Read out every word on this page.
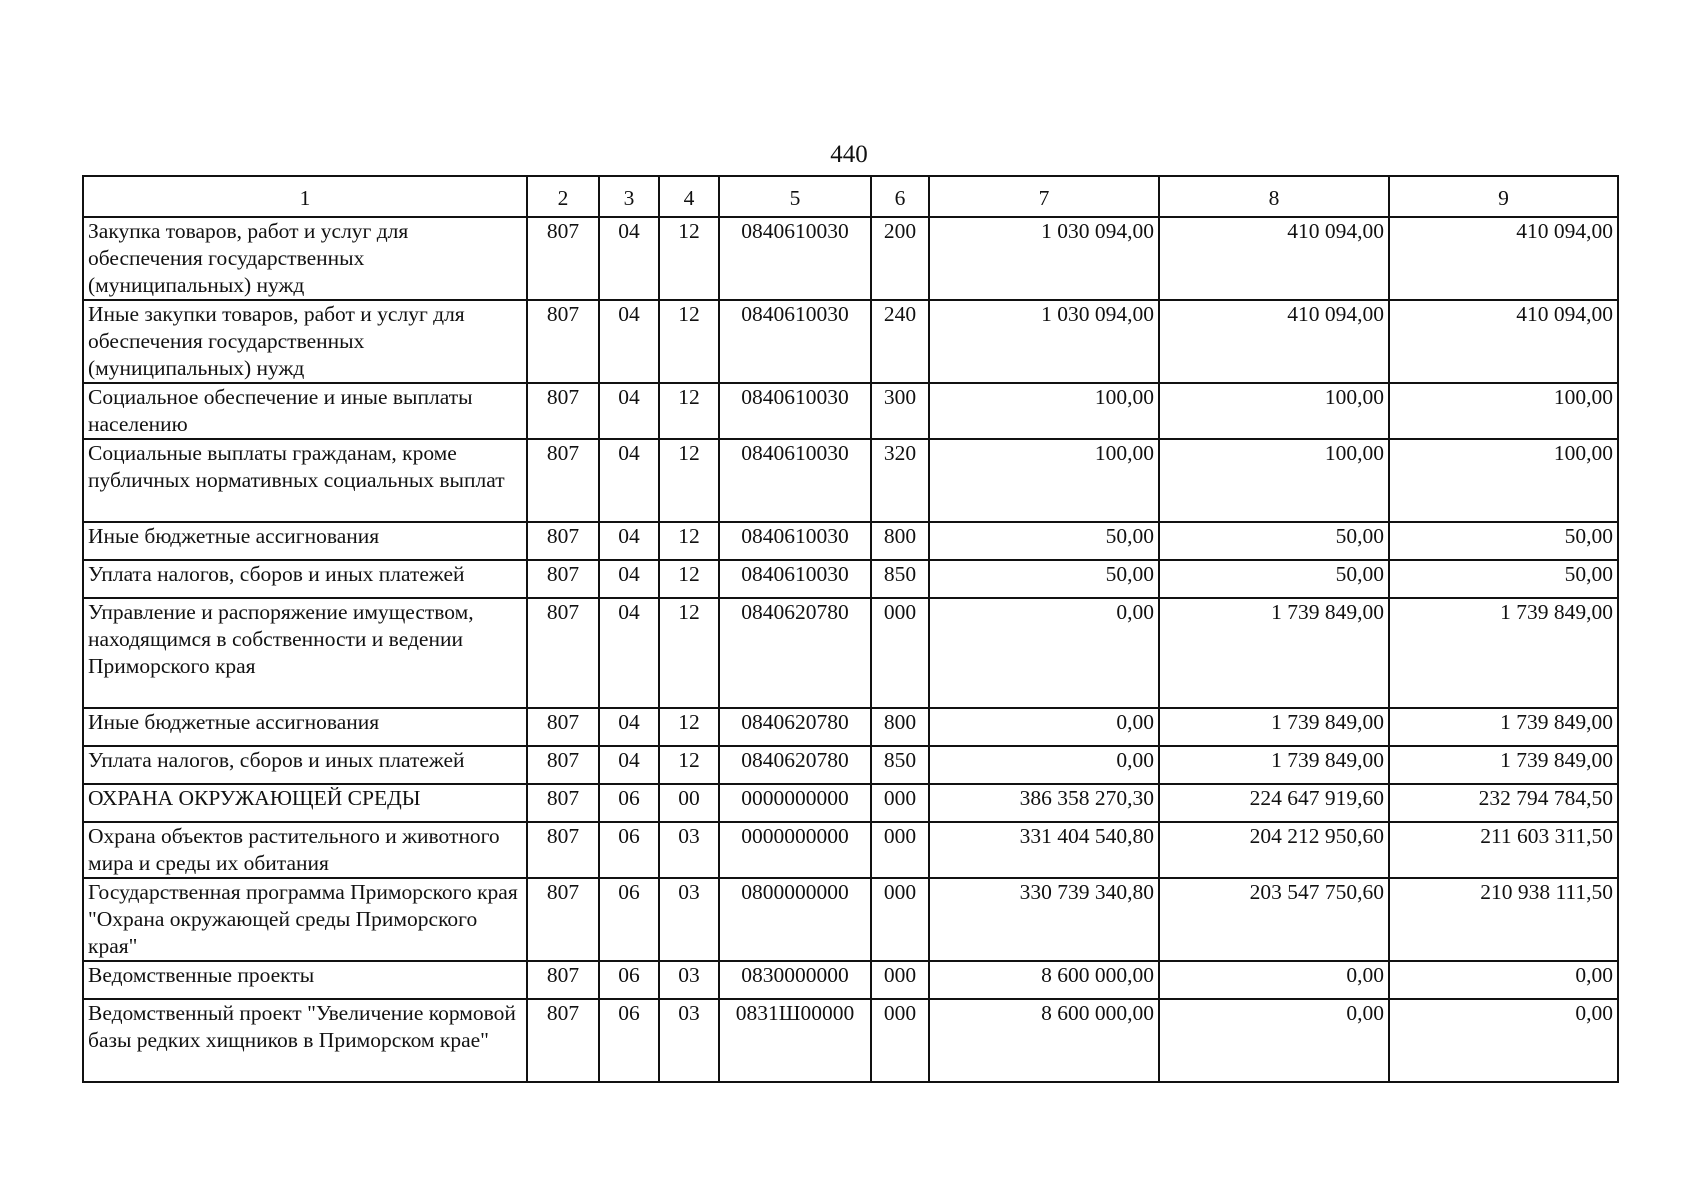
440
1	2	3	4	5	6	7	8	9
Закупка товаров, работ и услуг для обеспечения государственных (муниципальных) нужд	807	04	12	0840610030	200	1 030 094,00	410 094,00	410 094,00
Иные закупки товаров, работ и услуг для обеспечения государственных (муниципальных) нужд	807	04	12	0840610030	240	1 030 094,00	410 094,00	410 094,00
Социальное обеспечение и иные выплаты населению	807	04	12	0840610030	300	100,00	100,00	100,00
Социальные выплаты гражданам, кроме публичных нормативных социальных выплат	807	04	12	0840610030	320	100,00	100,00	100,00
Иные бюджетные ассигнования	807	04	12	0840610030	800	50,00	50,00	50,00
Уплата налогов, сборов и иных платежей	807	04	12	0840610030	850	50,00	50,00	50,00
Управление и распоряжение имуществом, находящимся в собственности и ведении Приморского края	807	04	12	0840620780	000	0,00	1 739 849,00	1 739 849,00
Иные бюджетные ассигнования	807	04	12	0840620780	800	0,00	1 739 849,00	1 739 849,00
Уплата налогов, сборов и иных платежей	807	04	12	0840620780	850	0,00	1 739 849,00	1 739 849,00
ОХРАНА ОКРУЖАЮЩЕЙ СРЕДЫ	807	06	00	0000000000	000	386 358 270,30	224 647 919,60	232 794 784,50
Охрана объектов растительного и животного мира и среды их обитания	807	06	03	0000000000	000	331 404 540,80	204 212 950,60	211 603 311,50
Государственная программа Приморского края "Охрана окружающей среды Приморского края"	807	06	03	0800000000	000	330 739 340,80	203 547 750,60	210 938 111,50
Ведомственные проекты	807	06	03	0830000000	000	8 600 000,00	0,00	0,00
Ведомственный проект "Увеличение кормовой базы редких хищников в Приморском крае"	807	06	03	0831Ш00000	000	8 600 000,00	0,00	0,00
